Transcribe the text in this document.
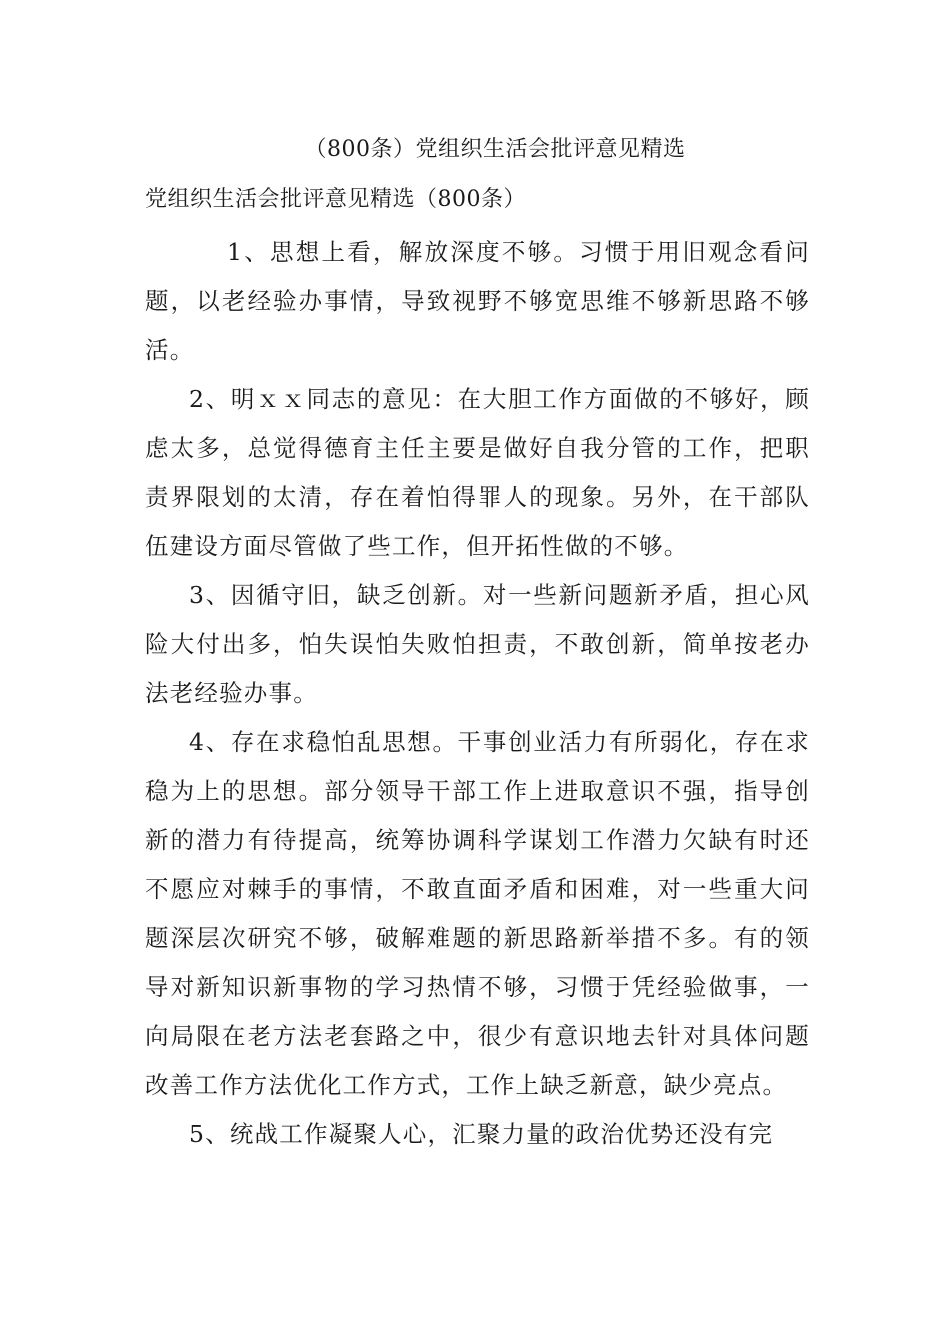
（800条）党组织生活会批评意见精选
党组织生活会批评意见精选（800条）

1、思想上看，解放深度不够。习惯于用旧观念看问题，以老经验办事情，导致视野不够宽思维不够新思路不够活。

2、明ｘｘ同志的意见：在大胆工作方面做的不够好，顾虑太多，总觉得德育主任主要是做好自我分管的工作，把职责界限划的太清，存在着怕得罪人的现象。另外，在干部队伍建设方面尽管做了些工作，但开拓性做的不够。

3、因循守旧，缺乏创新。对一些新问题新矛盾，担心风险大付出多，怕失误怕失败怕担责，不敢创新，简单按老办法老经验办事。

4、存在求稳怕乱思想。干事创业活力有所弱化，存在求稳为上的思想。部分领导干部工作上进取意识不强，指导创新的潜力有待提高，统筹协调科学谋划工作潜力欠缺有时还不愿应对棘手的事情，不敢直面矛盾和困难，对一些重大问题深层次研究不够，破解难题的新思路新举措不多。有的领导对新知识新事物的学习热情不够，习惯于凭经验做事，一向局限在老方法老套路之中，很少有意识地去针对具体问题改善工作方法优化工作方式，工作上缺乏新意，缺少亮点。

5、统战工作凝聚人心，汇聚力量的政治优势还没有完
